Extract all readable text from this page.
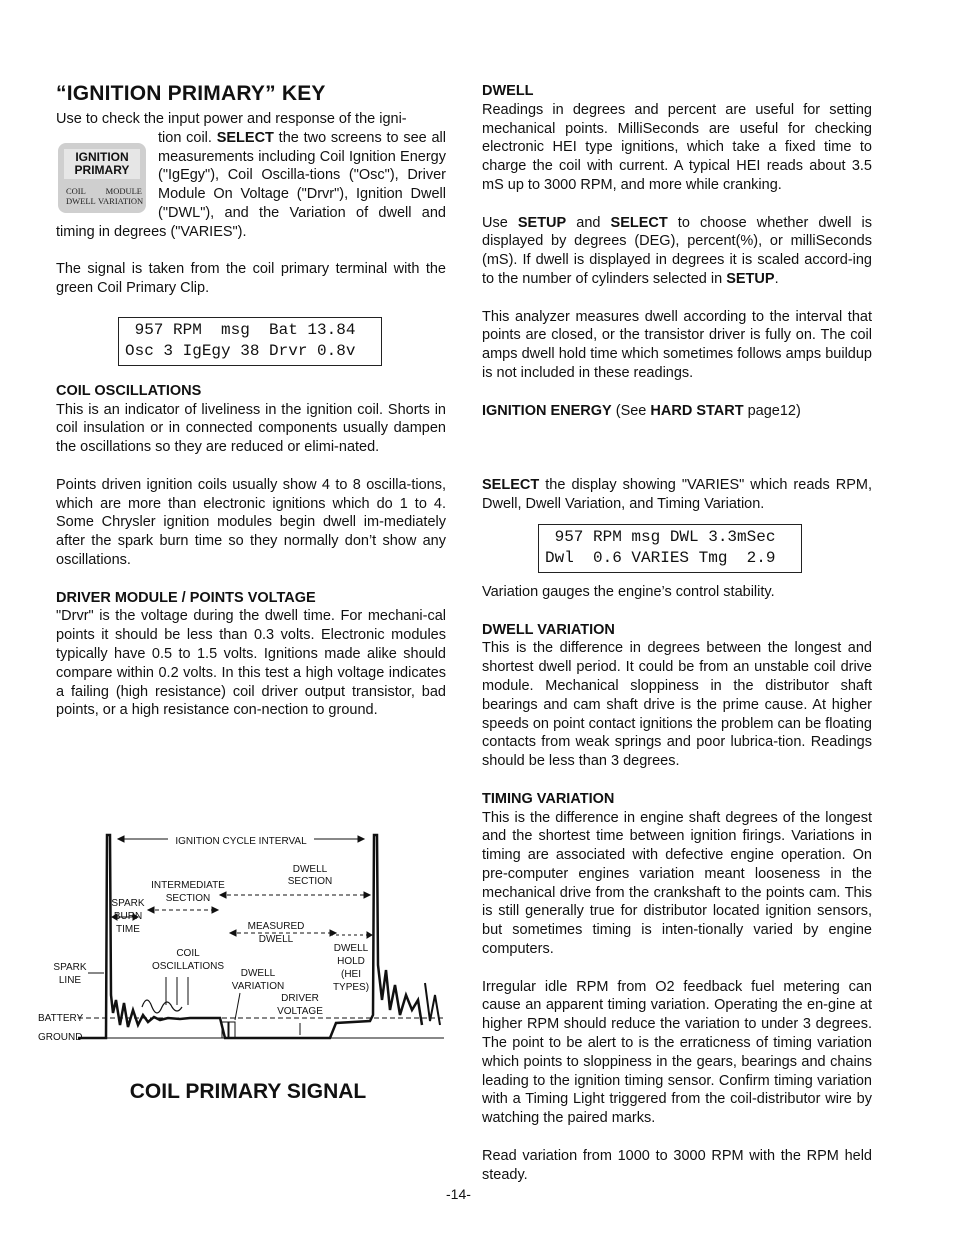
“IGNITION PRIMARY” KEY

Use to check the input power and response of the igni-

IGNITION
PRIMARY
COIL
DWELL
MODULE
VARIATION

tion coil. SELECT the two screens to see all measurements including Coil Ignition Energy ("IgEgy"), Coil Oscilla-tions ("Osc"), Driver Module On Voltage ("Drvr"), Ignition Dwell ("DWL"), and the Variation of dwell and timing in degrees ("VARIES").

The signal is taken from the coil primary terminal with the green Coil Primary Clip.

957 RPM  msg  Bat 13.84
Osc 3 IgEgy 38 Drvr 0.8v
COIL OSCILLATIONS

This is an indicator of liveliness in the ignition coil. Shorts in coil insulation or in connected components usually dampen the oscillations so they are reduced or elimi-nated.

Points driven ignition coils usually show 4 to 8 oscilla-tions, which are more than electronic ignitions which do 1 to 4. Some Chrysler ignition modules begin dwell im-mediately after the spark burn time so they normally don’t show any oscillations.

DRIVER MODULE / POINTS VOLTAGE

"Drvr" is the voltage during the dwell time. For mechani-cal points it should be less than 0.3 volts. Electronic modules typically have 0.5 to 1.5 volts. Ignitions made alike should compare within 0.2 volts. In this test a high voltage indicates a failing (high resistance) coil driver output transistor, bad points, or a high resistance con-nection to ground.

IGNITION CYCLE INTERVAL
DWELL
SECTION
INTERMEDIATE
SECTION
SPARK
BURN
TIME	MEASURED
DWELL
DWELL
HOLD
(HEI
TYPES)
COIL
OSCILLATIONS
SPARK
LINE
DWELL
VARIATION
DRIVER
VOLTAGE
BATTERY
GROUND
COIL PRIMARY SIGNAL
DWELL

Readings in degrees and percent are useful for setting mechanical points. MilliSeconds are useful for checking electronic HEI type ignitions, which take a fixed time to charge the coil with current. A typical HEI reads about 3.5 mS up to 3000 RPM, and more while cranking.

Use SETUP and SELECT to choose whether dwell is displayed by degrees (DEG), percent(%), or milliSeconds (mS). If dwell is displayed in degrees it is scaled accord-ing to the number of cylinders selected in SETUP.

This analyzer measures dwell according to the interval that points are closed, or the transistor driver is fully on. The coil amps dwell hold time which sometimes follows amps buildup is not included in these readings.

IGNITION ENERGY (See HARD START page12)

SELECT the display showing "VARIES" which reads RPM, Dwell, Dwell Variation, and Timing Variation.

957 RPM msg DWL 3.3mSec
Dwl  0.6 VARIES Tmg  2.9

Variation gauges the engine’s control stability.

DWELL VARIATION

This is the difference in degrees between the longest and shortest dwell period. It could be from an unstable coil drive module. Mechanical sloppiness in the distributor shaft bearings and cam shaft drive is the prime cause. At higher speeds on point contact ignitions the problem can be floating contacts from weak springs and poor lubrica-tion. Readings should be less than 3 degrees.

TIMING VARIATION

This is the difference in engine shaft degrees of the longest and the shortest time between ignition firings. Variations in timing are associated with defective engine operation. On pre-computer engines variation meant looseness in the mechanical drive from the crankshaft to the points cam. This is still generally true for distributor located ignition sensors, but sometimes timing is inten-tionally varied by engine computers.

Irregular idle RPM from O2 feedback fuel metering can cause an apparent timing variation. Operating the en-gine at higher RPM should reduce the variation to under 3 degrees. The point to be alert to is the erraticness of timing variation which points to sloppiness in the gears, bearings and chains leading to the ignition timing sensor. Confirm timing variation with a Timing Light triggered from the coil-distributor wire by watching the paired marks.

Read variation from 1000 to 3000 RPM with the RPM held steady.

-14-
